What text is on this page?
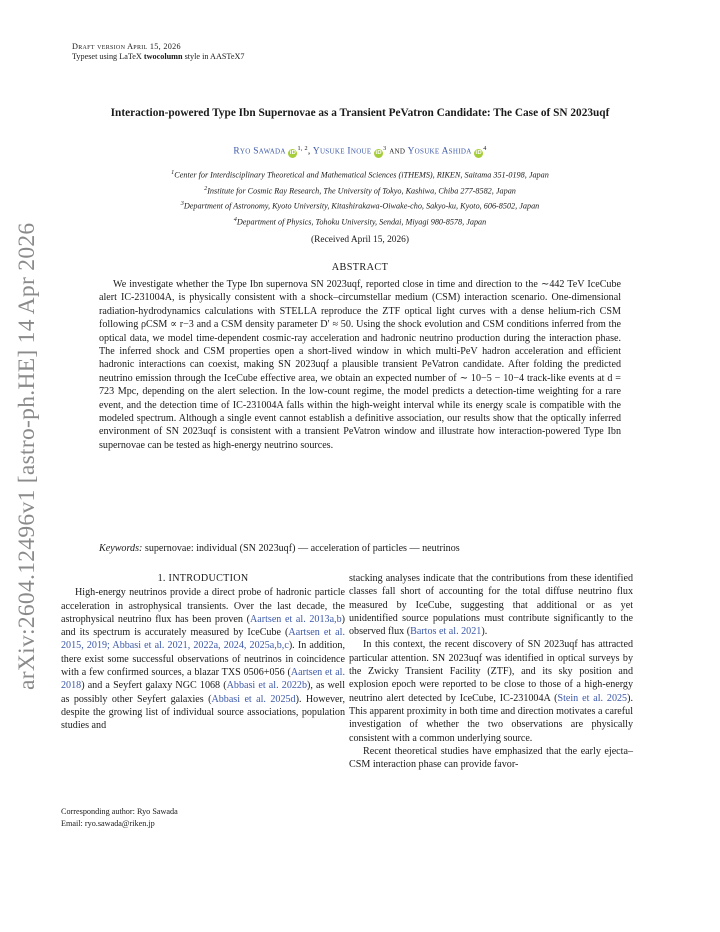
arXiv:2604.12496v1 [astro-ph.HE] 14 Apr 2026
Draft version April 15, 2026
Typeset using LaTeX twocolumn style in AASTeX7
Interaction-powered Type Ibn Supernovae as a Transient PeVatron Candidate: The Case of SN 2023uqf
Ryo Sawada iD$^{1, 2}$, Yusuke Inoue $iD^3$ and Yosuke Ashida $iD^4$
$^1$Center for Interdisciplinary Theoretical and Mathematical Sciences (iTHEMS), RIKEN, Saitama 351-0198, Japan
$^2$Institute for Cosmic Ray Research, The University of Tokyo, Kashiwa, Chiba 277-8582, Japan
$^3$Department of Astronomy, Kyoto University, Kitashirakawa-Oiwake-cho, Sakyo-ku, Kyoto, 606-8502, Japan
$^4$Department of Physics, Tohoku University, Sendai, Miyagi 980-8578, Japan
(Received April 15, 2026)
ABSTRACT
We investigate whether the Type Ibn supernova SN 2023uqf, reported close in time and direction to the ∼442 TeV IceCube alert IC-231004A, is physically consistent with a shock–circumstellar medium (CSM) interaction scenario. One-dimensional radiation-hydrodynamics calculations with STELLA reproduce the ZTF optical light curves with a dense helium-rich CSM following ρCSM ∝ r−3 and a CSM density parameter D′ ≈ 50. Using the shock evolution and CSM conditions inferred from the optical data, we model time-dependent cosmic-ray acceleration and hadronic neutrino production during the interaction phase. The inferred shock and CSM properties open a short-lived window in which multi-PeV hadron acceleration and efficient hadronic interactions can coexist, making SN 2023uqf a plausible transient PeVatron candidate. After folding the predicted neutrino emission through the IceCube effective area, we obtain an expected number of ∼ 10−5 − 10−4 track-like events at d = 723 Mpc, depending on the alert selection. In the low-count regime, the model predicts a detection-time weighting for a rare event, and the detection time of IC-231004A falls within the high-weight interval while its energy scale is compatible with the modeled spectrum. Although a single event cannot establish a definitive association, our results show that the optically inferred environment of SN 2023uqf is consistent with a transient PeVatron window and illustrate how interaction-powered Type Ibn supernovae can be tested as high-energy neutrino sources.
Keywords: supernovae: individual (SN 2023uqf) — acceleration of particles — neutrinos
1. INTRODUCTION

High-energy neutrinos provide a direct probe of hadronic particle acceleration in astrophysical transients. Over the last decade, the astrophysical neutrino flux has been proven (Aartsen et al. 2013a,b) and its spectrum is accurately measured by IceCube (Aartsen et al. 2015, 2019; Abbasi et al. 2021, 2022a, 2024, 2025a,b,c). In addition, there exist some successful observations of neutrinos in coincidence with a few confirmed sources, a blazar TXS 0506+056 (Aartsen et al. 2018) and a Seyfert galaxy NGC 1068 (Abbasi et al. 2022b), as well as possibly other Seyfert galaxies (Abbasi et al. 2025d). However, despite the growing list of individual source associations, population studies and

stacking analyses indicate that the contributions from these identified classes fall short of accounting for the total diffuse neutrino flux measured by IceCube, suggesting that additional or as yet unidentified source populations must contribute significantly to the observed flux (Bartos et al. 2021).

In this context, the recent discovery of SN 2023uqf has attracted particular attention. SN 2023uqf was identified in optical surveys by the Zwicky Transient Facility (ZTF), and its sky position and explosion epoch were reported to be close to those of a high-energy neutrino alert detected by IceCube, IC-231004A (Stein et al. 2025). This apparent proximity in both time and direction motivates a careful investigation of whether the two observations are physically consistent with a common underlying source.

Recent theoretical studies have emphasized that the early ejecta–CSM interaction phase can provide favor-

Corresponding author: Ryo Sawada
Email: ryo.sawada@riken.jp
